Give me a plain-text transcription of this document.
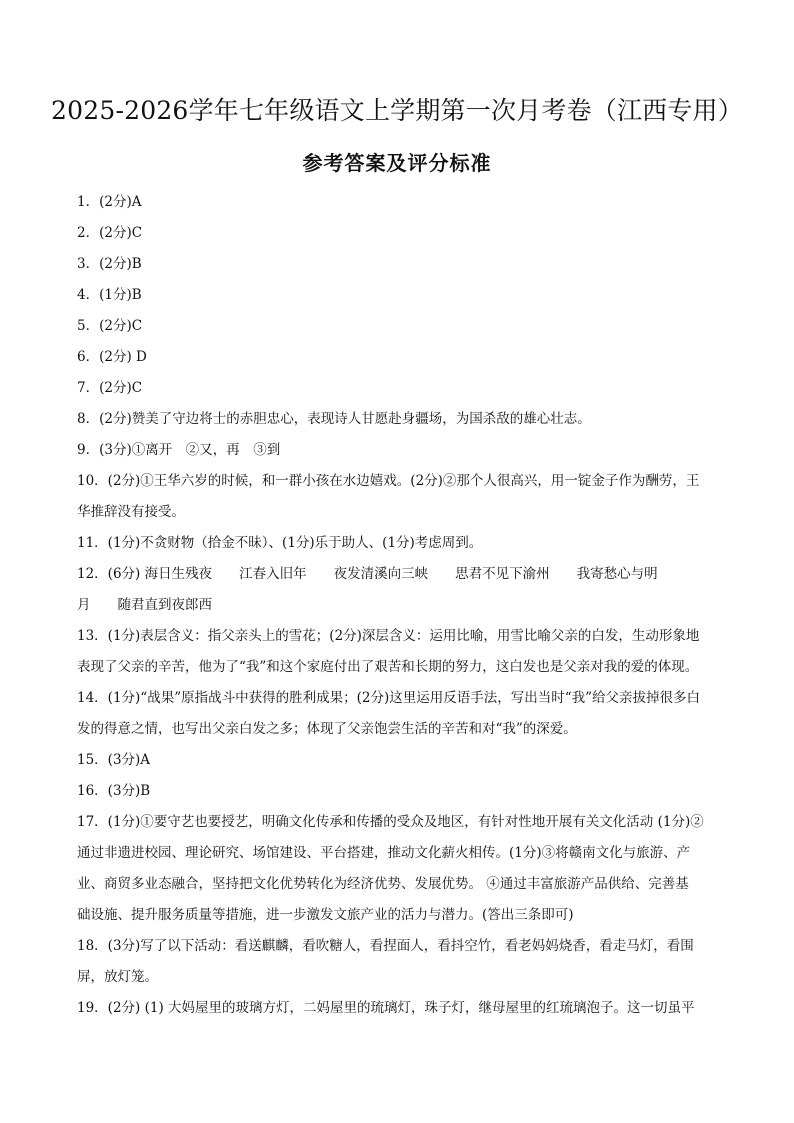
2025-2026学年七年级语文上学期第一次月考卷（江西专用）
参考答案及评分标准
1．(2分)A
2．(2分)C
3．(2分)B
4．(1分)B
5．(2分)C
6．(2分) D
7．(2分)C
8．(2分)赞美了守边将士的赤胆忠心，表现诗人甘愿赴身疆场，为国杀敌的雄心壮志。
9．(3分)①离开　②又，再　③到
10．(2分)①王华六岁的时候，和一群小孩在水边嬉戏。(2分)②那个人很高兴，用一锭金子作为酬劳，王
华推辞没有接受。
11．(1分)不贪财物（拾金不昧）、(1分)乐于助人、(1分)考虑周到。
12．(6分) 海日生残夜　　江春入旧年　　夜发清溪向三峡　　思君不见下渝州　　我寄愁心与明
月　　随君直到夜郎西
13．(1分)表层含义：指父亲头上的雪花；(2分)深层含义：运用比喻，用雪比喻父亲的白发，生动形象地
表现了父亲的辛苦，他为了“我”和这个家庭付出了艰苦和长期的努力，这白发也是父亲对我的爱的体现。
14．(1分)“战果”原指战斗中获得的胜利成果；(2分)这里运用反语手法，写出当时“我”给父亲拔掉很多白
发的得意之情，也写出父亲白发之多；体现了父亲饱尝生活的辛苦和对“我”的深爱。
15．(3分)A
16．(3分)B
17．(1分)①要守艺也要授艺，明确文化传承和传播的受众及地区，有针对性地开展有关文化活动 (1分)②
通过非遗进校园、理论研究、场馆建设、平台搭建，推动文化薪火相传。(1分)③将赣南文化与旅游、产
业、商贸多业态融合，坚持把文化优势转化为经济优势、发展优势。 ④通过丰富旅游产品供给、完善基
础设施、提升服务质量等措施，进一步激发文旅产业的活力与潜力。(答出三条即可)
18．(3分)写了以下活动：看送麒麟，看吹糖人，看捏面人，看抖空竹，看老妈妈烧香，看走马灯，看围
屏，放灯笼。
19．(2分) (1) 大妈屋里的玻璃方灯，二妈屋里的琉璃灯，珠子灯，继母屋里的红琉璃泡子。这一切虽平
